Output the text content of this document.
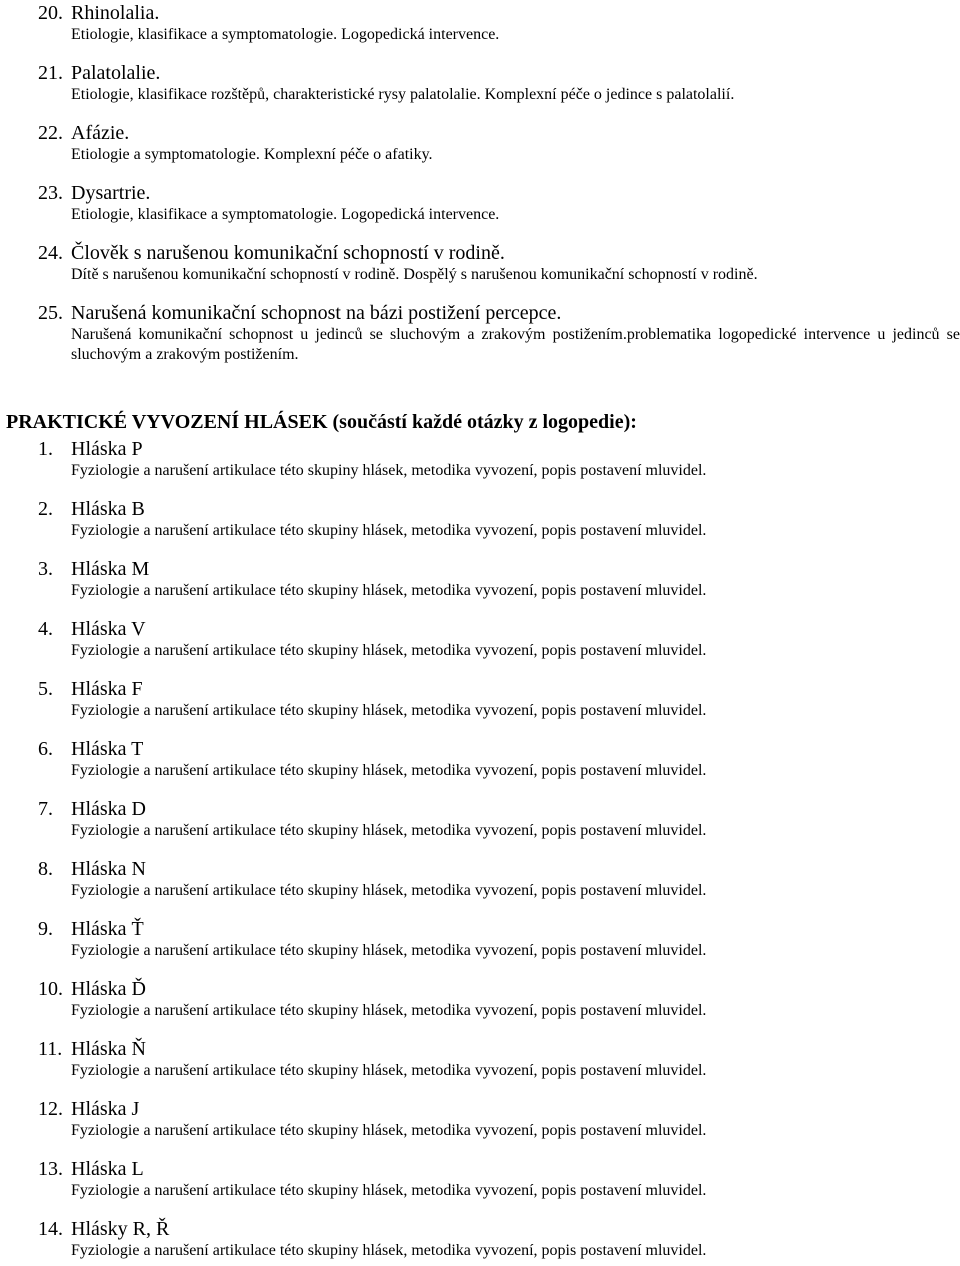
20. Rhinolalia.
Etiologie, klasifikace a symptomatologie. Logopedická intervence.
21. Palatolalie.
Etiologie, klasifikace rozštěpů, charakteristické rysy palatolalie. Komplexní péče o jedince s palatolalií.
22. Afázie.
Etiologie a symptomatologie. Komplexní péče o afatiky.
23. Dysartrie.
Etiologie, klasifikace a symptomatologie. Logopedická intervence.
24. Člověk s narušenou komunikační schopností v rodině.
Dítě s narušenou komunikační schopností v rodině. Dospělý s narušenou komunikační schopností v rodině.
25. Narušená komunikační schopnost na bázi postižení percepce.
Narušená komunikační schopnost u jedinců se sluchovým a zrakovým postižením.problematika logopedické intervence u jedinců se sluchovým a zrakovým postižením.
PRAKTICKÉ VYVOZENÍ HLÁSEK (součástí každé otázky z logopedie):
1. Hláska P
Fyziologie a narušení artikulace této skupiny hlásek, metodika vyvození, popis postavení mluvidel.
2. Hláska B
Fyziologie a narušení artikulace této skupiny hlásek, metodika vyvození, popis postavení mluvidel.
3. Hláska M
Fyziologie a narušení artikulace této skupiny hlásek, metodika vyvození, popis postavení mluvidel.
4. Hláska V
Fyziologie a narušení artikulace této skupiny hlásek, metodika vyvození, popis postavení mluvidel.
5. Hláska F
Fyziologie a narušení artikulace této skupiny hlásek, metodika vyvození, popis postavení mluvidel.
6. Hláska T
Fyziologie a narušení artikulace této skupiny hlásek, metodika vyvození, popis postavení mluvidel.
7. Hláska D
Fyziologie a narušení artikulace této skupiny hlásek, metodika vyvození, popis postavení mluvidel.
8. Hláska N
Fyziologie a narušení artikulace této skupiny hlásek, metodika vyvození, popis postavení mluvidel.
9. Hláska Ť
Fyziologie a narušení artikulace této skupiny hlásek, metodika vyvození, popis postavení mluvidel.
10. Hláska Ď
Fyziologie a narušení artikulace této skupiny hlásek, metodika vyvození, popis postavení mluvidel.
11. Hláska Ň
Fyziologie a narušení artikulace této skupiny hlásek, metodika vyvození, popis postavení mluvidel.
12. Hláska J
Fyziologie a narušení artikulace této skupiny hlásek, metodika vyvození, popis postavení mluvidel.
13. Hláska L
Fyziologie a narušení artikulace této skupiny hlásek, metodika vyvození, popis postavení mluvidel.
14. Hlásky R, Ř
Fyziologie a narušení artikulace této skupiny hlásek, metodika vyvození, popis postavení mluvidel.
